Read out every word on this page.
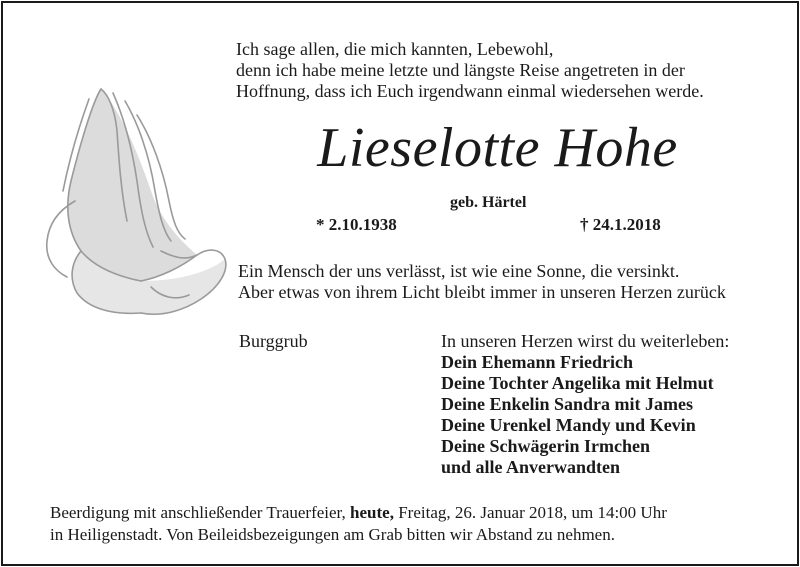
Ich sage allen, die mich kannten, Lebewohl,
denn ich habe meine letzte und längste Reise angetreten in der
Hoffnung, dass ich Euch irgendwann einmal wiedersehen werde.
Lieselotte Hohe
geb. Härtel
* 2.10.1938	† 24.1.2018
Ein Mensch der uns verlässt, ist wie eine Sonne, die versinkt.
Aber etwas von ihrem Licht bleibt immer in unseren Herzen zurück
Burggrub	In unseren Herzen wirst du weiterleben:
Dein Ehemann Friedrich
Deine Tochter Angelika mit Helmut
Deine Enkelin Sandra mit James
Deine Urenkel Mandy und Kevin
Deine Schwägerin Irmchen
und alle Anverwandten
Beerdigung mit anschließender Trauerfeier, heute, Freitag, 26. Januar 2018, um 14:00 Uhr
in Heiligenstadt. Von Beileidsbezeigungen am Grab bitten wir Abstand zu nehmen.
